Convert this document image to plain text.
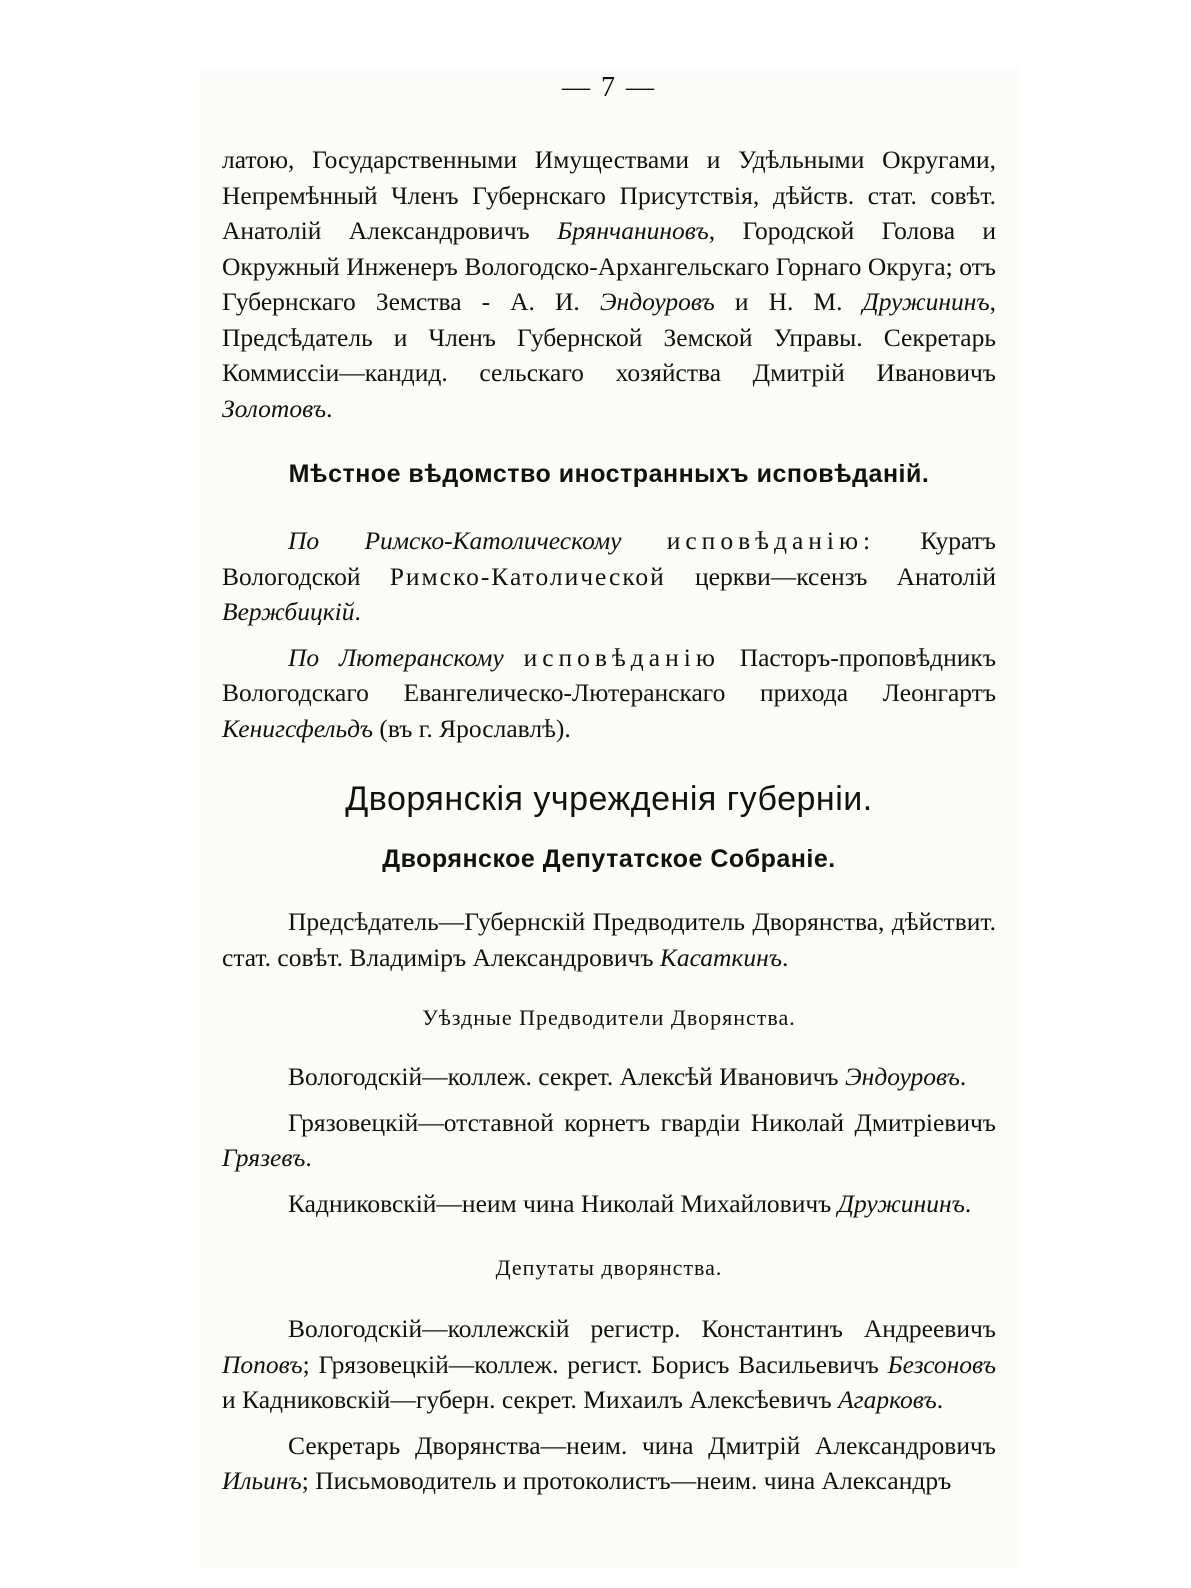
— 7 —

латою, Государственными Имуществами и Удѣльными Округами, Непремѣнный Членъ Губернскаго Присутствія, дѣйств. стат. совѣт. Анатолій Александровичъ Брянчаниновъ, Городской Голова и Окружный Инженеръ Вологодско-Архангельскаго Горнаго Округа; отъ Губернскаго Земства - А. И. Эндоуровъ и Н. М. Дружининъ, Предсѣдатель и Членъ Губернской Земской Управы. Секретарь Коммиссіи—кандид. сельскаго хозяйства Дмитрій Ивановичъ Золотовъ.

Мѣстное вѣдомство иностранныхъ исповѣданій.

По Римско-Католическому исповѣданію: Куратъ Вологодской Римско-Католической церкви—ксензъ Анатолій Вержбицкій.

По Лютеранскому исповѣданію Пасторъ-проповѣдникъ Вологодскаго Евангелическо-Лютеранскаго прихода Леонгартъ Кенигсфельдъ (въ г. Ярославлѣ).

Дворянскія учрежденія губерніи.
Дворянское Депутатское Собраніе.

Предсѣдатель—Губернскій Предводитель Дворянства, дѣйствит. стат. совѣт. Владиміръ Александровичъ Касаткинъ.

Уѣздные Предводители Дворянства.

Вологодскій—коллеж. секрет. Алексѣй Ивановичъ Эндоуровъ.

Грязовецкій—отставной корнетъ гвардіи Николай Дмитріевичъ Грязевъ.

Кадниковскій—неим чина Николай Михайловичъ Дружининъ.

Депутаты дворянства.

Вологодскій—коллежскій регистр. Константинъ Андреевичъ Поповъ; Грязовецкій—коллеж. регист. Борисъ Васильевичъ Безсоновъ и Кадниковскій—губерн. секрет. Михаилъ Алексѣевичъ Агарковъ.

Секретарь Дворянства—неим. чина Дмитрій Александровичъ Ильинъ; Письмоводитель и протоколистъ—неим. чина Александръ
